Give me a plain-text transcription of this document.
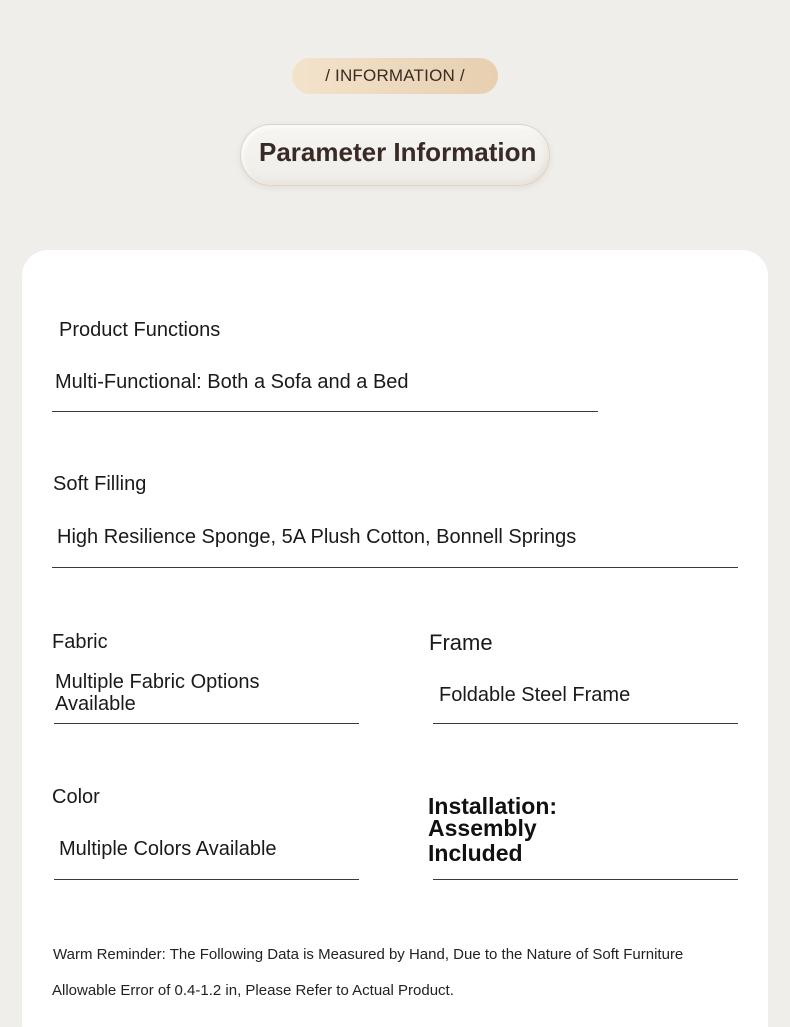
/ INFORMATION /
Parameter Information
Product Functions
Multi-Functional: Both a Sofa and a Bed
Soft Filling
High Resilience Sponge, 5A Plush Cotton, Bonnell Springs
Fabric
Multiple Fabric Options Available
Frame
Foldable Steel Frame
Color
Multiple Colors Available
Installation:
Assembly
Included
Warm Reminder: The Following Data is Measured by Hand, Due to the Nature of Soft Furniture
Allowable Error of 0.4-1.2 in, Please Refer to Actual Product.
